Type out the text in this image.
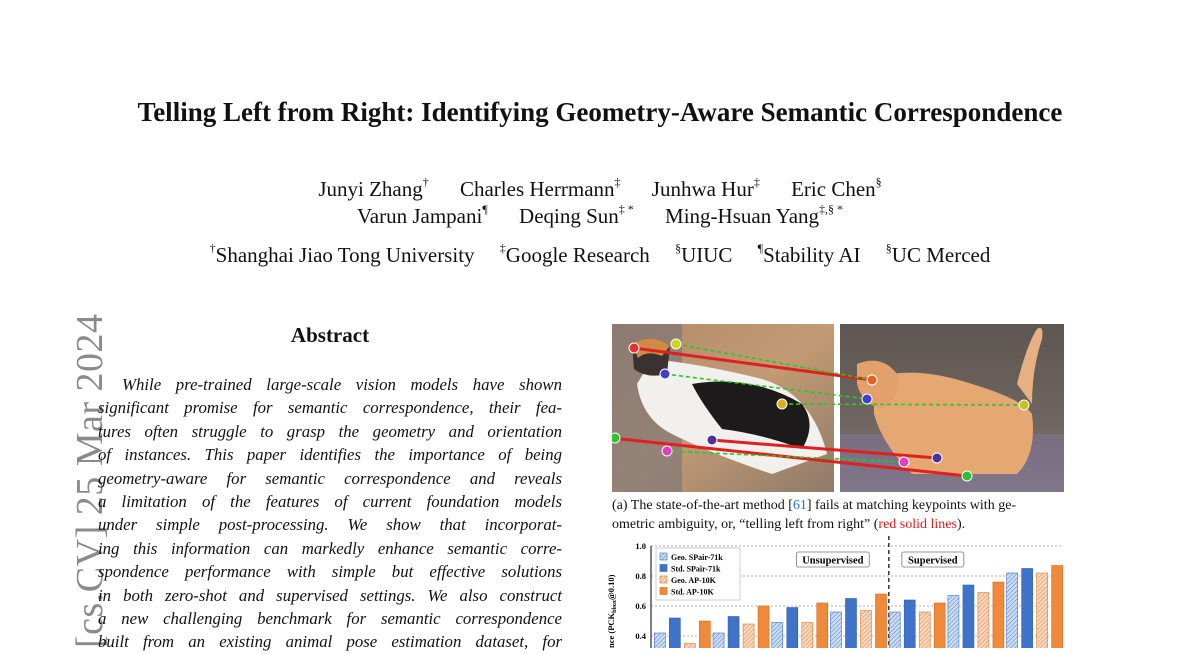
[cs.CV] 25 Mar 2024
Telling Left from Right: Identifying Geometry-Aware Semantic Correspondence
Junyi Zhang† Charles Herrmann‡ Junhwa Hur‡ Eric Chen§
Varun Jampani¶ Deqing Sun‡ * Ming-Hsuan Yang‡,§ *
†Shanghai Jiao Tong University ‡Google Research §UIUC ¶Stability AI §UC Merced
Abstract
While pre-trained large-scale vision models have shown
significant promise for semantic correspondence, their fea-
tures often struggle to grasp the geometry and orientation
of instances. This paper identifies the importance of being
geometry-aware for semantic correspondence and reveals
a limitation of the features of current foundation models
under simple post-processing. We show that incorporat-
ing this information can markedly enhance semantic corre-
spondence performance with simple but effective solutions
in both zero-shot and supervised settings. We also construct
a new challenging benchmark for semantic correspondence
built from an existing animal pose estimation dataset, for
(a) The state-of-the-art method [61] fails at matching keypoints with ge-
ometric ambiguity, or, “telling left from right” (red solid lines).
1.0
0.8
0.6
0.4
nce $(PCK_{bbox}@0.10)$
Unsupervised	Supervised
Geo. SPair-71k
Std. SPair-71k
Geo. AP-10K
Std. AP-10K
